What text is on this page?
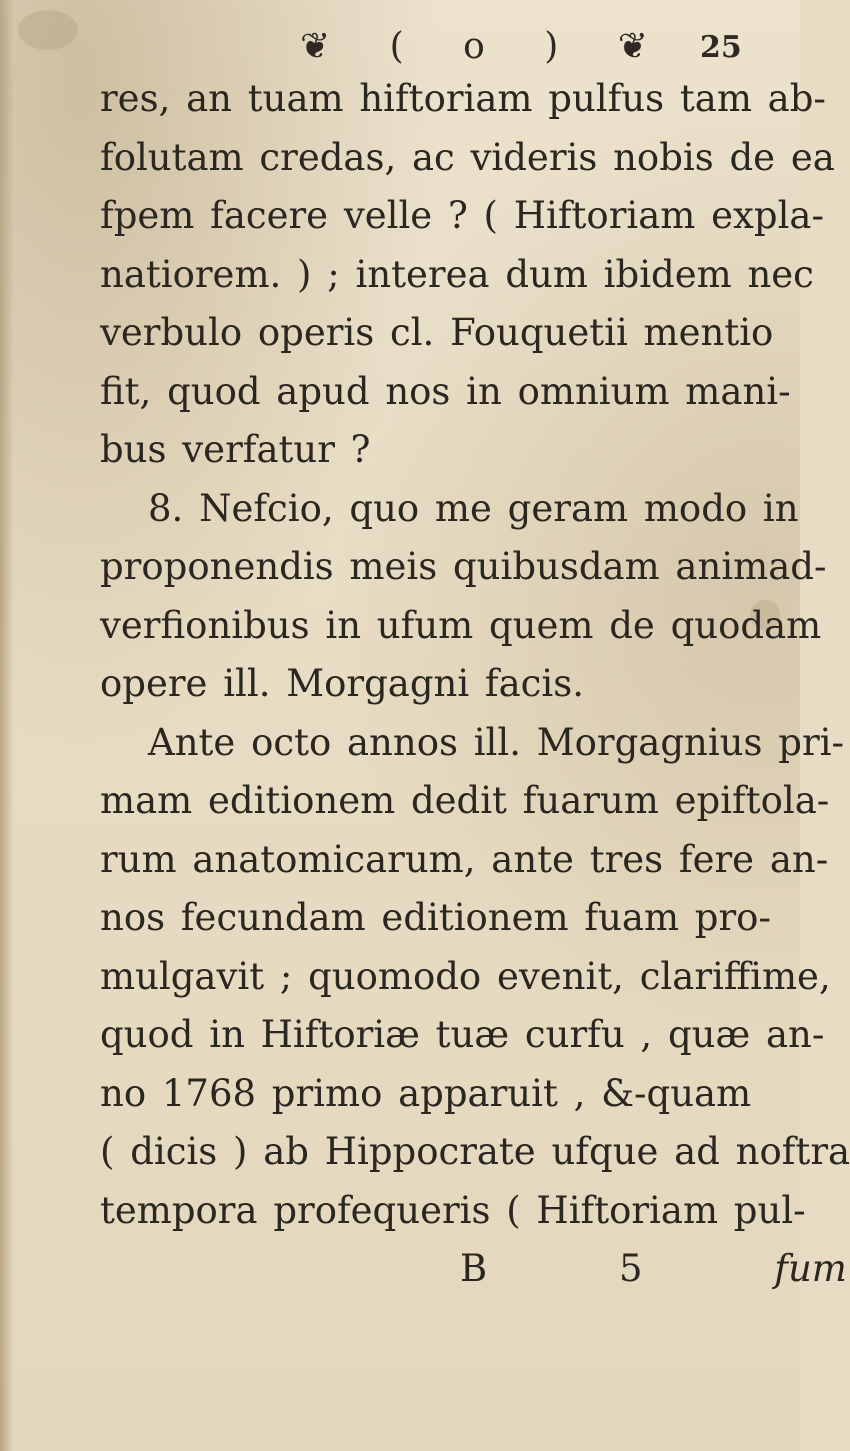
❦ ( o ) ❦ 25
res, an tuam hiftoriam pulfus tam ab-
folutam credas, ac videris nobis de ea
fpem facere velle ? ( Hiftoriam expla-
natiorem. ) ; interea dum ibidem nec
verbulo operis cl. Fouquetii mentio
fit, quod apud nos in omnium mani-
bus verfatur ?
8. Nefcio, quo me geram modo in
proponendis meis quibusdam animad-
verfionibus in ufum quem de quodam
opere ill. Morgagni facis.
Ante octo annos ill. Morgagnius pri-
mam editionem dedit fuarum epiftola-
rum anatomicarum, ante tres fere an-
nos fecundam editionem fuam pro-
mulgavit ; quomodo evenit, clariffime,
quod in Hiftoriæ tuæ curfu , quæ an-
no 1768 primo apparuit , &-quam
( dicis ) ab Hippocrate ufque ad noftra
tempora profequeris ( Hiftoriam pul-
B 5	fum
